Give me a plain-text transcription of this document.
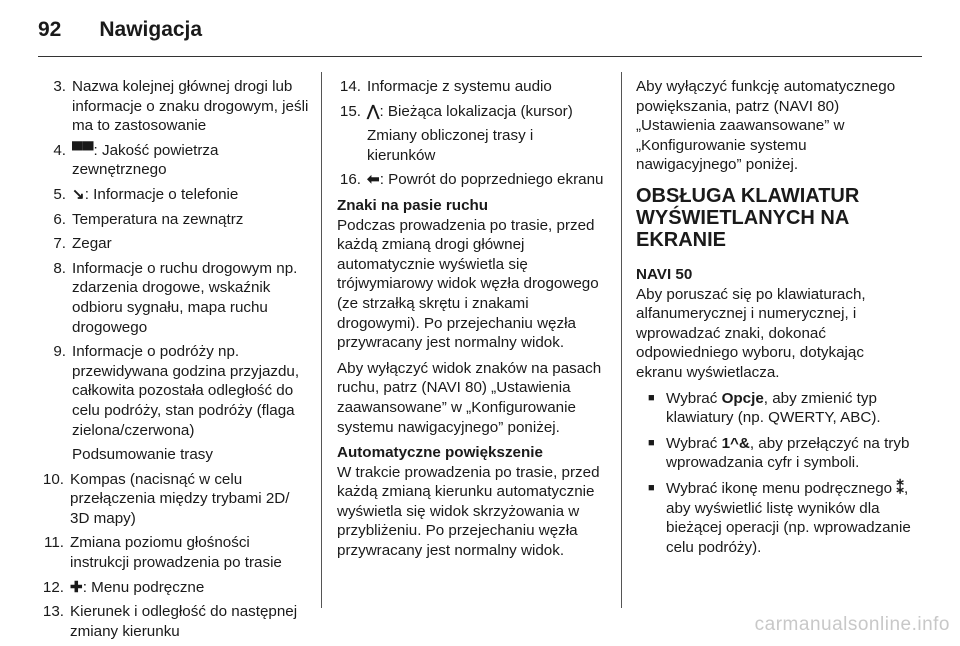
92 Nawigacja
3. Nazwa kolejnej głównej drogi lub informacje o znaku drogowym, jeśli ma to zastosowanie
4. ▀▀: Jakość powietrza zewnętrznego
5. ↘: Informacje o telefonie
6. Temperatura na zewnątrz
7. Zegar
8. Informacje o ruchu drogowym np. zdarzenia drogowe, wskaźnik odbioru sygnału, mapa ruchu drogowego
9. Informacje o podróży np. przewidywana godzina przyjazdu, całkowita pozostała odległość do celu podróży, stan podróży (flaga zielona/czerwona)
Podsumowanie trasy
10. Kompas (nacisnąć w celu przełączenia między trybami 2D/ 3D mapy)
11. Zmiana poziomu głośności instrukcji prowadzenia po trasie
12. ✚: Menu podręczne
13. Kierunek i odległość do następnej zmiany kierunku
14. Informacje z systemu audio
15. ⋀: Bieżąca lokalizacja (kursor)
Zmiany obliczonej trasy i kierunków
16. ⬅: Powrót do poprzedniego ekranu
Znaki na pasie ruchu
Podczas prowadzenia po trasie, przed każdą zmianą drogi głównej automatycznie wyświetla się trójwymiarowy widok węzła drogowego (ze strzałką skrętu i znakami drogowymi). Po przejechaniu węzła przywracany jest normalny widok.
Aby wyłączyć widok znaków na pasach ruchu, patrz (NAVI 80) „Ustawienia zaawansowane” w „Konfigurowanie systemu nawigacyjnego” poniżej.
Automatyczne powiększenie
W trakcie prowadzenia po trasie, przed każdą zmianą kierunku automatycznie wyświetla się widok skrzyżowania w przybliżeniu. Po przejechaniu węzła przywracany jest normalny widok.
Aby wyłączyć funkcję automatycznego powiększania, patrz (NAVI 80) „Ustawienia zaawansowane” w „Konfigurowanie systemu nawigacyjnego” poniżej.
OBSŁUGA KLAWIATUR WYŚWIETLANYCH NA EKRANIE
NAVI 50
Aby poruszać się po klawiaturach, alfanumerycznej i numerycznej, i wprowadzać znaki, dokonać odpowiedniego wyboru, dotykając ekranu wyświetlacza.
■ Wybrać Opcje, aby zmienić typ klawiatury (np. QWERTY, ABC).
■ Wybrać 1^&, aby przełączyć na tryb wprowadzania cyfr i symboli.
■ Wybrać ikonę menu podręcznego ⁑, aby wyświetlić listę wyników dla bieżącej operacji (np. wprowadzanie celu podróży).
carmanualsonline.info
